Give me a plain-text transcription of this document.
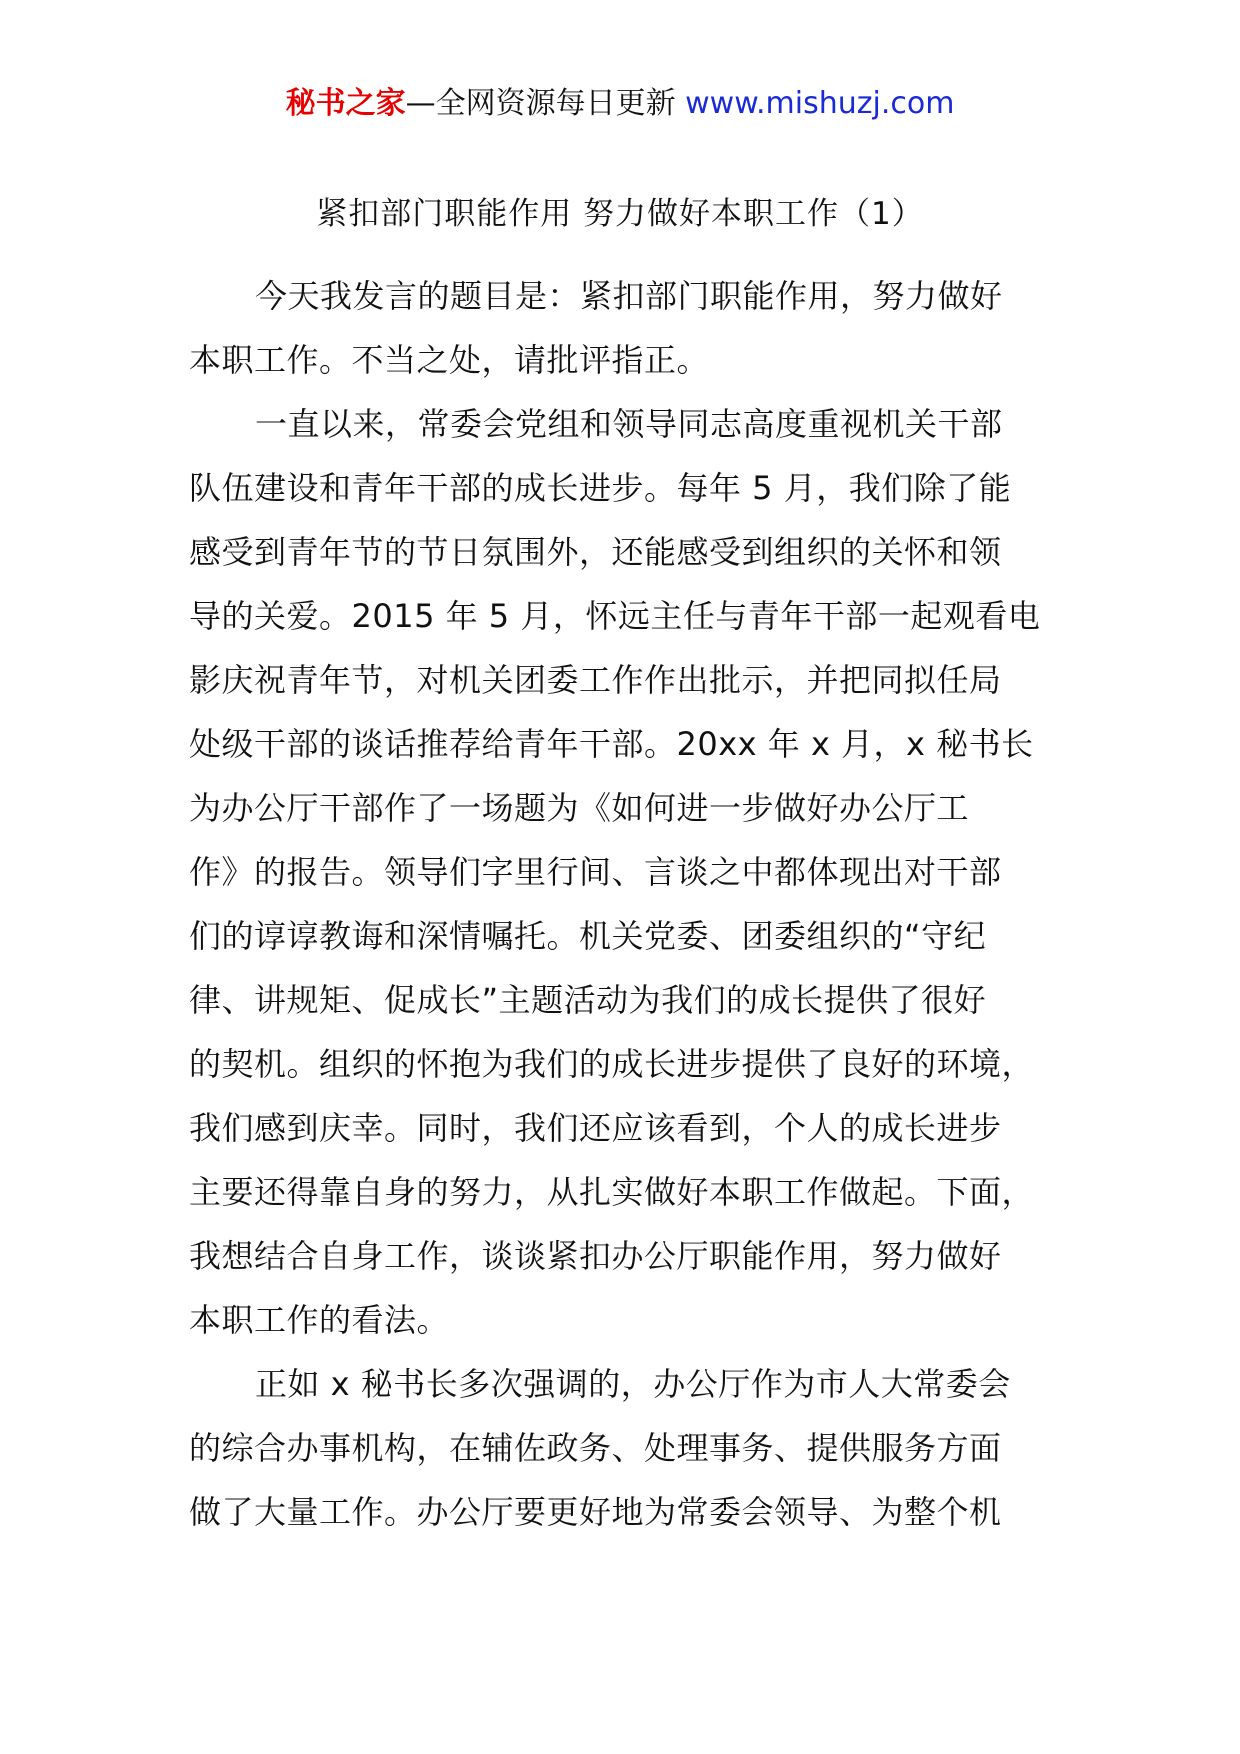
秘书之家—全网资源每日更新 www.mishuzj.com
紧扣部门职能作用 努力做好本职工作（1）
今天我发言的题目是：紧扣部门职能作用，努力做好
本职工作。不当之处，请批评指正。
一直以来，常委会党组和领导同志高度重视机关干部
队伍建设和青年干部的成长进步。每年 5 月，我们除了能
感受到青年节的节日氛围外，还能感受到组织的关怀和领
导的关爱。2015 年 5 月，怀远主任与青年干部一起观看电
影庆祝青年节，对机关团委工作作出批示，并把同拟任局
处级干部的谈话推荐给青年干部。20xx 年 x 月，x 秘书长
为办公厅干部作了一场题为《如何进一步做好办公厅工
作》的报告。领导们字里行间、言谈之中都体现出对干部
们的谆谆教诲和深情嘱托。机关党委、团委组织的“守纪
律、讲规矩、促成长”主题活动为我们的成长提供了很好
的契机。组织的怀抱为我们的成长进步提供了良好的环境，
我们感到庆幸。同时，我们还应该看到，个人的成长进步
主要还得靠自身的努力，从扎实做好本职工作做起。下面，
我想结合自身工作，谈谈紧扣办公厅职能作用，努力做好
本职工作的看法。
正如 x 秘书长多次强调的，办公厅作为市人大常委会
的综合办事机构，在辅佐政务、处理事务、提供服务方面
做了大量工作。办公厅要更好地为常委会领导、为整个机
